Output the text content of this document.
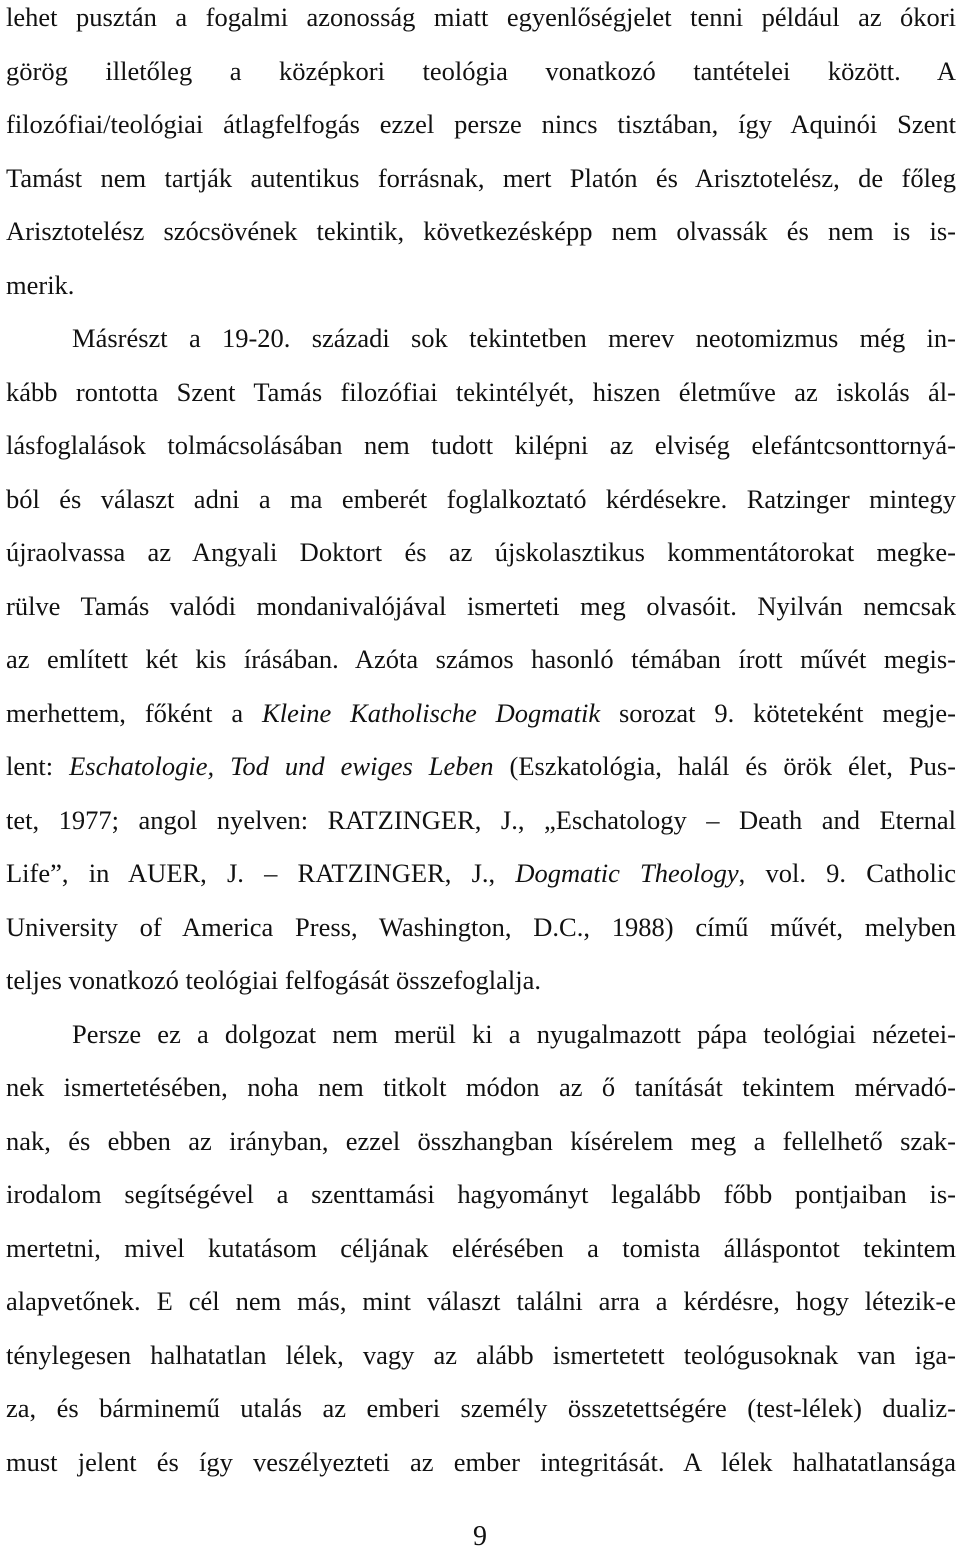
lehet pusztán a fogalmi azonosság miatt egyenlőségjelet tenni például az ókori
görög illetőleg a középkori teológia vonatkozó tantételei között. A
filozófiai/teológiai átlagfelfogás ezzel persze nincs tisztában, így Aquinói Szent
Tamást nem tartják autentikus forrásnak, mert Platón és Arisztotelész, de főleg
Arisztotelész szócsövének tekintik, következésképp nem olvassák és nem is is-
merik.
Másrészt a 19-20. századi sok tekintetben merev neotomizmus még in-
kább rontotta Szent Tamás filozófiai tekintélyét, hiszen életműve az iskolás ál-
lásfoglalások tolmácsolásában nem tudott kilépni az elviség elefántcsonttornyá-
ból és választ adni a ma emberét foglalkoztató kérdésekre. Ratzinger mintegy
újraolvassa az Angyali Doktort és az újskolasztikus kommentátorokat megke-
rülve Tamás valódi mondanivalójával ismerteti meg olvasóit. Nyilván nemcsak
az említett két kis írásában. Azóta számos hasonló témában írott művét megis-
merhettem, főként a Kleine Katholische Dogmatik sorozat 9. köteteként megje-
lent: Eschatologie, Tod und ewiges Leben (Eszkatológia, halál és örök élet, Pus-
tet, 1977; angol nyelven: RATZINGER, J., „Eschatology – Death and Eternal
Life”, in AUER, J. – RATZINGER, J., Dogmatic Theology, vol. 9. Catholic
University of America Press, Washington, D.C., 1988) című művét, melyben
teljes vonatkozó teológiai felfogását összefoglalja.
Persze ez a dolgozat nem merül ki a nyugalmazott pápa teológiai nézetei-
nek ismertetésében, noha nem titkolt módon az ő tanítását tekintem mérvadó-
nak, és ebben az irányban, ezzel összhangban kísérelem meg a fellelhető szak-
irodalom segítségével a szenttamási hagyományt legalább főbb pontjaiban is-
mertetni, mivel kutatásom céljának elérésében a tomista álláspontot tekintem
alapvetőnek. E cél nem más, mint választ találni arra a kérdésre, hogy létezik-e
ténylegesen halhatatlan lélek, vagy az alább ismertetett teológusoknak van iga-
za, és bárminemű utalás az emberi személy összetettségére (test-lélek) dualiz-
must jelent és így veszélyezteti az ember integritását. A lélek halhatatlansága
9
